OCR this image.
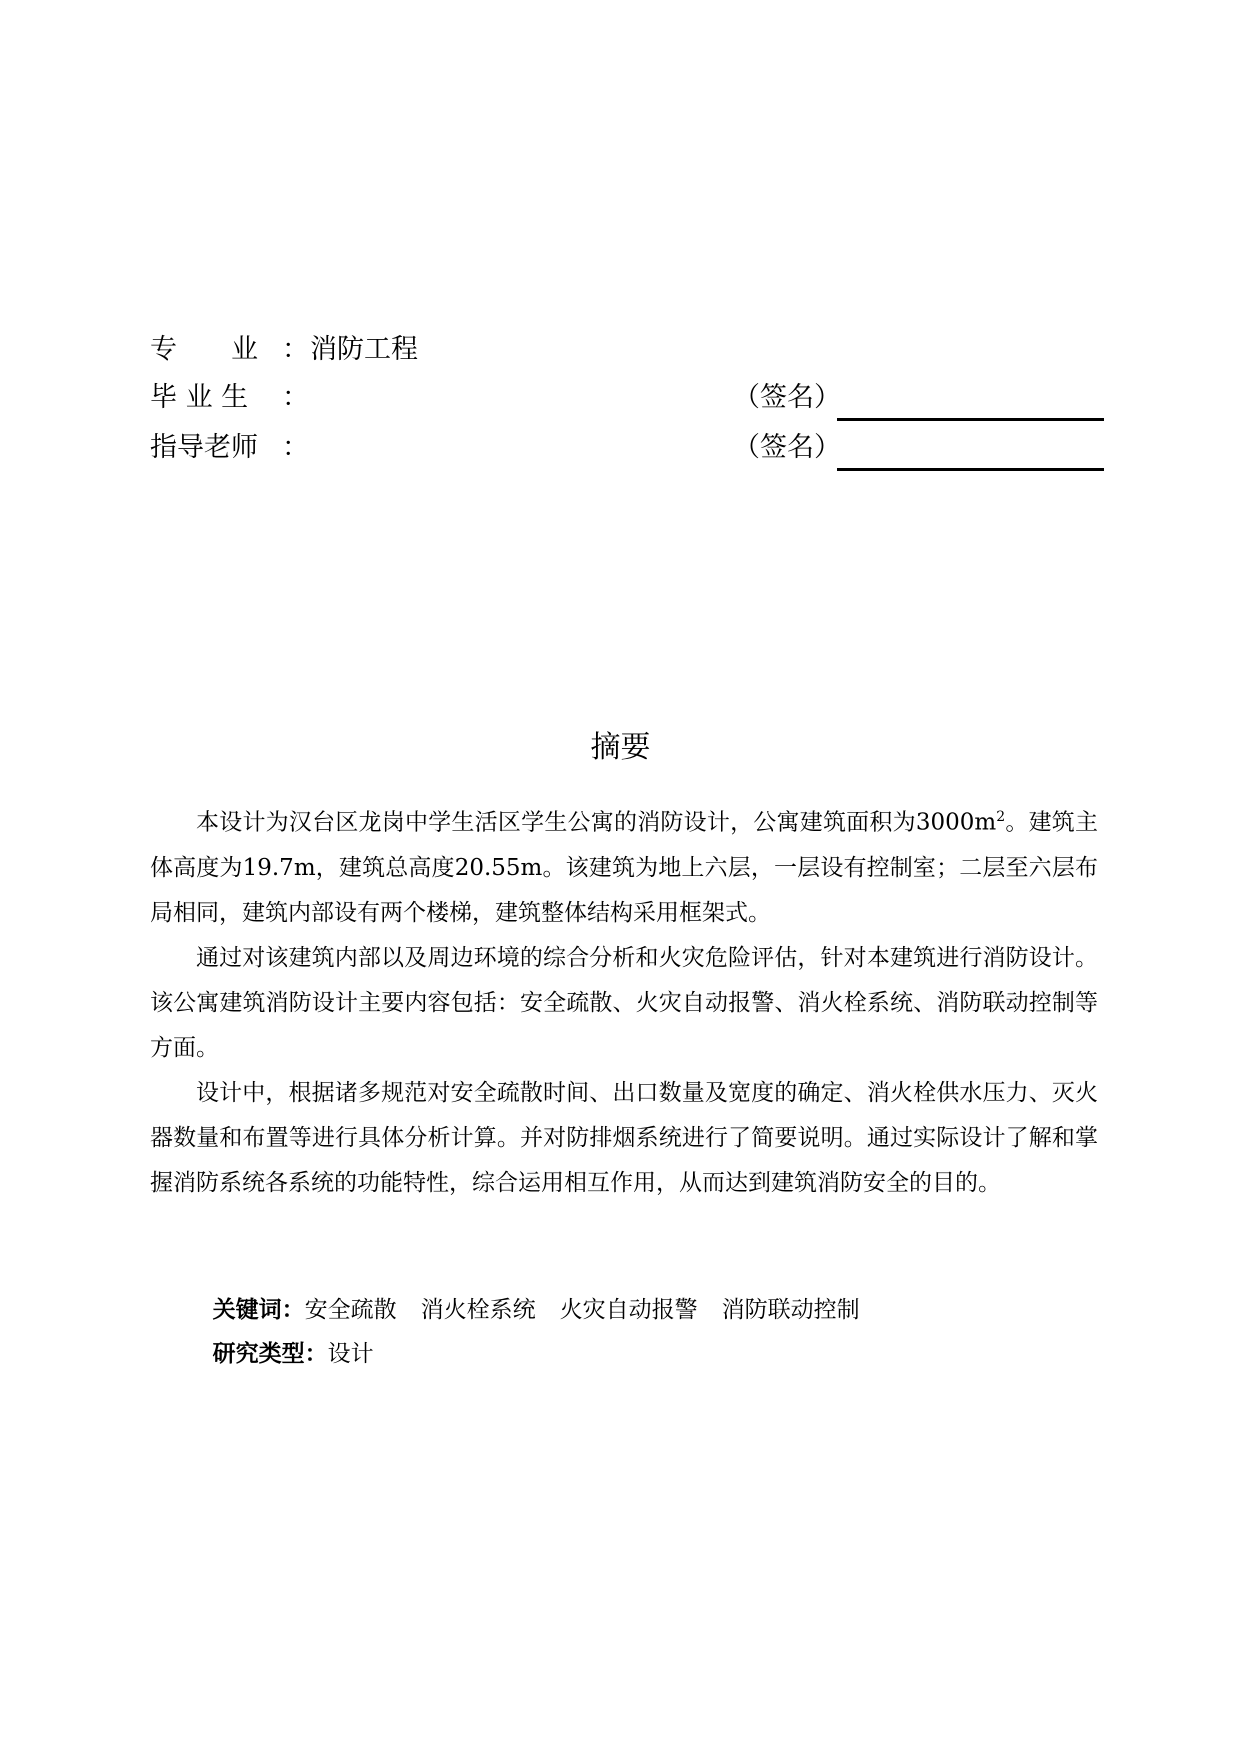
专　　业 ： 消防工程
毕 业 生 ：	（签名）
指导老师 ：	（签名）
摘要

本设计为汉台区龙岗中学生活区学生公寓的消防设计，公寓建筑面积为$3000m^2$。建筑主体高度为19.7m，建筑总高度20.55m。该建筑为地上六层，一层设有控制室；二层至六层布局相同，建筑内部设有两个楼梯，建筑整体结构采用框架式。

通过对该建筑内部以及周边环境的综合分析和火灾危险评估，针对本建筑进行消防设计。该公寓建筑消防设计主要内容包括：安全疏散、火灾自动报警、消火栓系统、消防联动控制等方面。

设计中，根据诸多规范对安全疏散时间、出口数量及宽度的确定、消火栓供水压力、灭火器数量和布置等进行具体分析计算。并对防排烟系统进行了简要说明。通过实际设计了解和掌握消防系统各系统的功能特性，综合运用相互作用，从而达到建筑消防安全的目的。

关键词：安全疏散 消火栓系统 火灾自动报警 消防联动控制

研究类型：设计
